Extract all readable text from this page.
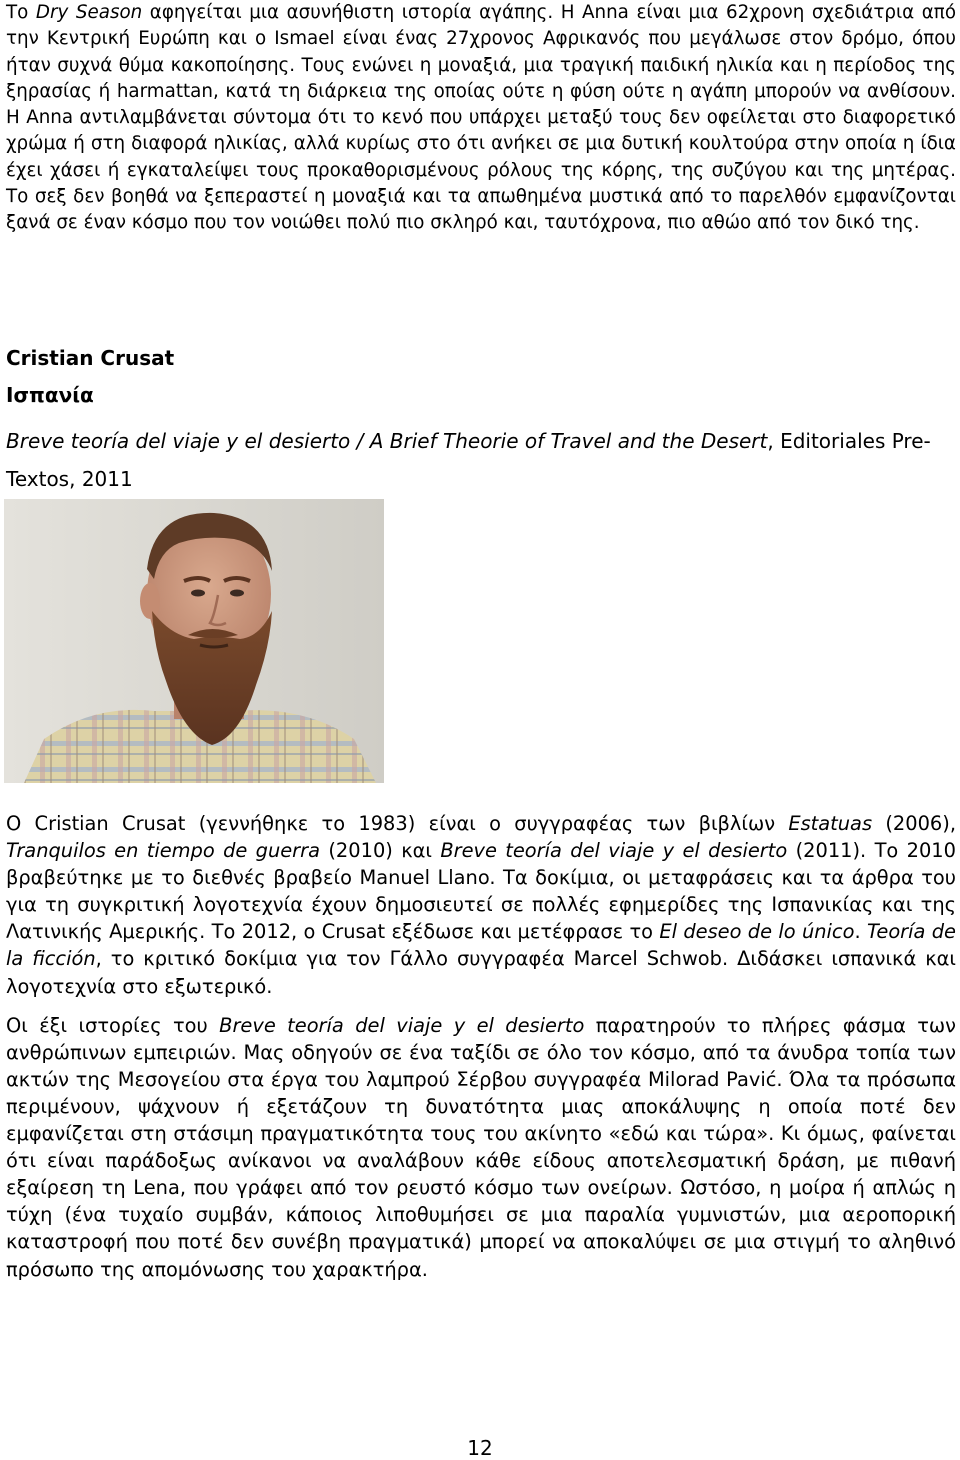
Το Dry Season αφηγείται μια ασυνήθιστη ιστορία αγάπης. Η Anna είναι μια 62χρονη σχεδιάτρια από την Κεντρική Ευρώπη και ο Ismael είναι ένας 27χρονος Αφρικανός που μεγάλωσε στον δρόμο, όπου ήταν συχνά θύμα κακοποίησης. Τους ενώνει η μοναξιά, μια τραγική παιδική ηλικία και η περίοδος της ξηρασίας ή harmattan, κατά τη διάρκεια της οποίας ούτε η φύση ούτε η αγάπη μπορούν να ανθίσουν. Η Anna αντιλαμβάνεται σύντομα ότι το κενό που υπάρχει μεταξύ τους δεν οφείλεται στο διαφορετικό χρώμα ή στη διαφορά ηλικίας, αλλά κυρίως στο ότι ανήκει σε μια δυτική κουλτούρα στην οποία η ίδια έχει χάσει ή εγκαταλείψει τους προκαθορισμένους ρόλους της κόρης, της συζύγου και της μητέρας. Το σεξ δεν βοηθά να ξεπεραστεί η μοναξιά και τα απωθημένα μυστικά από το παρελθόν εμφανίζονται ξανά σε έναν κόσμο που τον νοιώθει πολύ πιο σκληρό και, ταυτόχρονα, πιο αθώο από τον δικό της.

Cristian Crusat
Ισπανία

Breve teoría del viaje y el desierto / A Brief Theorie of Travel and the Desert, Editoriales Pre-Textos, 2011

Ο Cristian Crusat (γεννήθηκε το 1983) είναι ο συγγραφέας των βιβλίων Estatuas (2006), Tranquilos en tiempo de guerra (2010) και Breve teoría del viaje y el desierto (2011). Το 2010 βραβεύτηκε με το διεθνές βραβείο Manuel Llano. Τα δοκίμια, οι μεταφράσεις και τα άρθρα του για τη συγκριτική λογοτεχνία έχουν δημοσιευτεί σε πολλές εφημερίδες της Ισπανικίας και της Λατινικής Αμερικής. Το 2012, ο Crusat εξέδωσε και μετέφρασε το El deseo de lo único. Teoría de la ficción, το κριτικό δοκίμια για τον Γάλλο συγγραφέα Marcel Schwob. Διδάσκει ισπανικά και λογοτεχνία στο εξωτερικό.

Οι έξι ιστορίες του Breve teoría del viaje y el desierto παρατηρούν το πλήρες φάσμα των ανθρώπινων εμπειριών. Μας οδηγούν σε ένα ταξίδι σε όλο τον κόσμο, από τα άνυδρα τοπία των ακτών της Μεσογείου στα έργα του λαμπρού Σέρβου συγγραφέα Milorad Pavić. Όλα τα πρόσωπα περιμένουν, ψάχνουν ή εξετάζουν τη δυνατότητα μιας αποκάλυψης η οποία ποτέ δεν εμφανίζεται στη στάσιμη πραγματικότητα τους του ακίνητο «εδώ και τώρα». Κι όμως, φαίνεται ότι είναι παράδοξως ανίκανοι να αναλάβουν κάθε είδους αποτελεσματική δράση, με πιθανή εξαίρεση τη Lena, που γράφει από τον ρευστό κόσμο των ονείρων. Ωστόσο, η μοίρα ή απλώς η τύχη (ένα τυχαίο συμβάν, κάποιος λιποθυμήσει σε μια παραλία γυμνιστών, μια αεροπορική καταστροφή που ποτέ δεν συνέβη πραγματικά) μπορεί να αποκαλύψει σε μια στιγμή το αληθινό πρόσωπο της απομόνωσης του χαρακτήρα.

12
